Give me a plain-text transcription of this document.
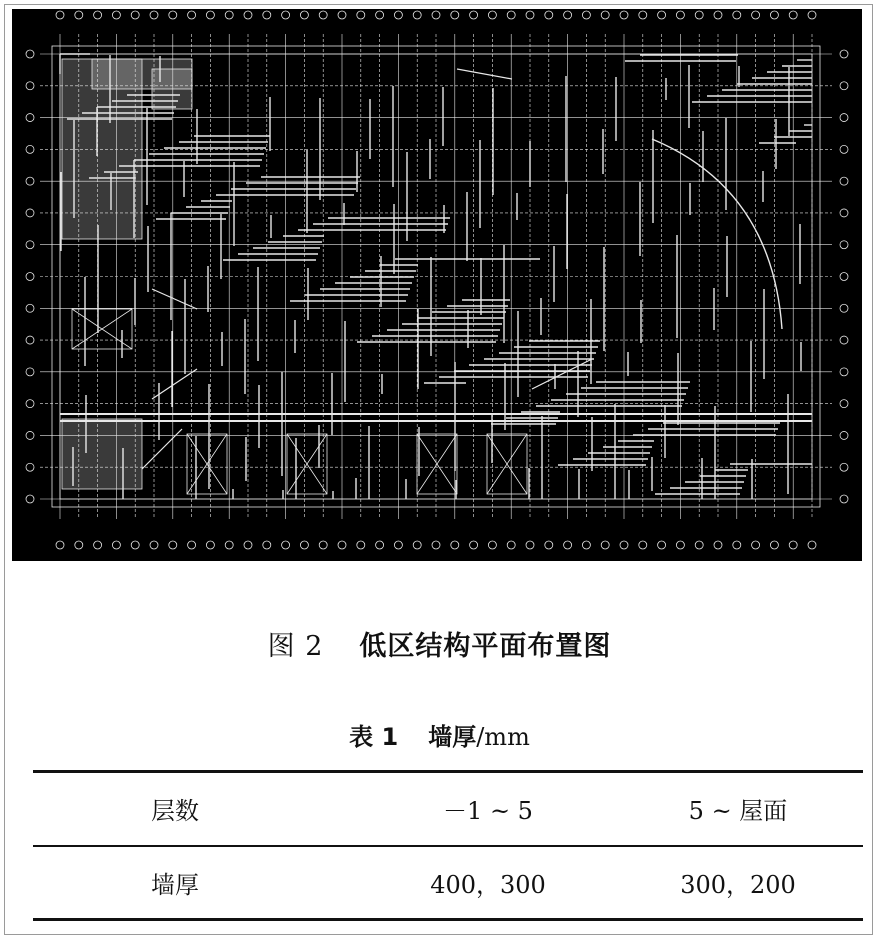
图 2 低区结构平面布置图
表 1 墙厚/mm
层数	－1 ~ 5	5 ~ 屋面
墙厚	400，300	300，200
